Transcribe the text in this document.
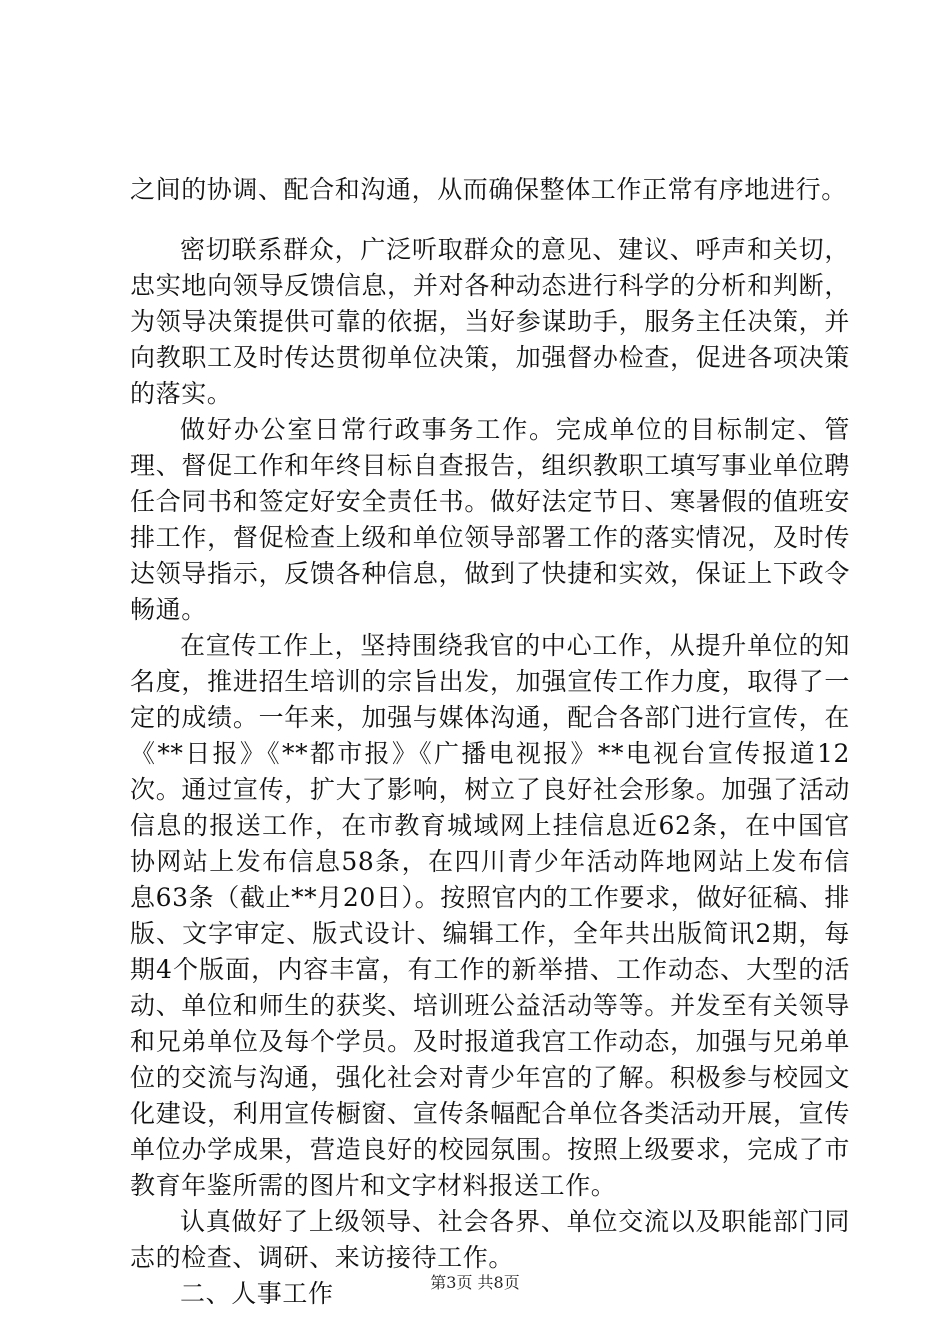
之间的协调、配合和沟通，从而确保整体工作正常有序地进行。

密切联系群众，广泛听取群众的意见、建议、呼声和关切，忠实地向领导反馈信息，并对各种动态进行科学的分析和判断，为领导决策提供可靠的依据，当好参谋助手，服务主任决策，并向教职工及时传达贯彻单位决策，加强督办检查，促进各项决策的落实。

做好办公室日常行政事务工作。完成单位的目标制定、管理、督促工作和年终目标自查报告，组织教职工填写事业单位聘任合同书和签定好安全责任书。做好法定节日、寒暑假的值班安排工作，督促检查上级和单位领导部署工作的落实情况，及时传达领导指示，反馈各种信息，做到了快捷和实效，保证上下政令畅通。

在宣传工作上，坚持围绕我官的中心工作，从提升单位的知名度，推进招生培训的宗旨出发，加强宣传工作力度，取得了一定的成绩。一年来，加强与媒体沟通，配合各部门进行宣传，在《**日报》《**都市报》《广播电视报》**电视台宣传报道12次。通过宣传，扩大了影响，树立了良好社会形象。加强了活动信息的报送工作，在市教育城域网上挂信息近62条，在中国官协网站上发布信息58条，在四川青少年活动阵地网站上发布信息63条（截止**月20日）。按照官内的工作要求，做好征稿、排版、文字审定、版式设计、编辑工作，全年共出版简讯2期，每期4个版面，内容丰富，有工作的新举措、工作动态、大型的活动、单位和师生的获奖、培训班公益活动等等。并发至有关领导和兄弟单位及每个学员。及时报道我宫工作动态，加强与兄弟单位的交流与沟通，强化社会对青少年宫的了解。积极参与校园文化建设，利用宣传橱窗、宣传条幅配合单位各类活动开展，宣传单位办学成果，营造良好的校园氛围。按照上级要求，完成了市教育年鉴所需的图片和文字材料报送工作。

认真做好了上级领导、社会各界、单位交流以及职能部门同志的检查、调研、来访接待工作。

二、人事工作	第3页 共8页
